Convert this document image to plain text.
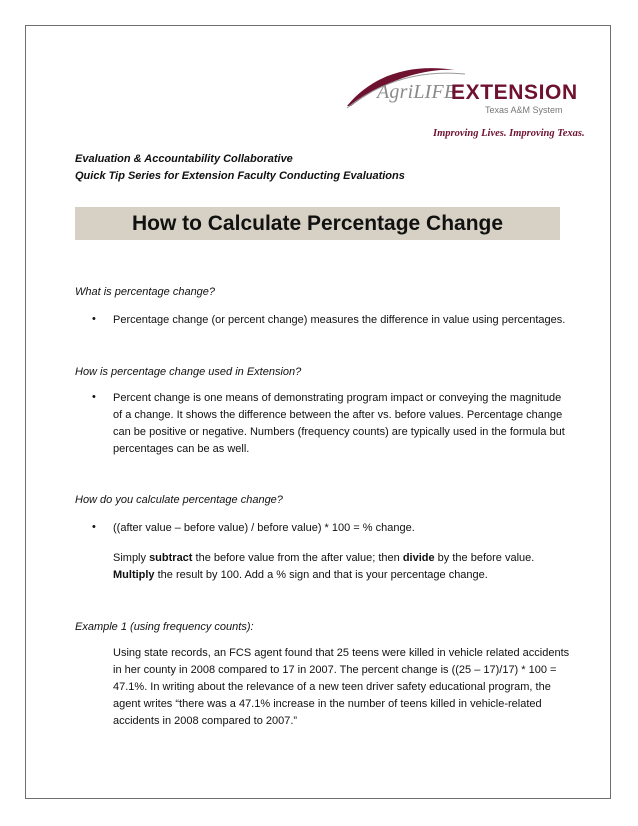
AgriLIFE
EXTENSION
Texas A&M System
Improving Lives. Improving Texas.
Evaluation & Accountability Collaborative
Quick Tip Series for Extension Faculty Conducting Evaluations
How to Calculate Percentage Change
What is percentage change?
• Percentage change (or percent change) measures the difference in value using percentages.

How is percentage change used in Extension?
• Percent change is one means of demonstrating program impact or conveying the magnitude of a change. It shows the difference between the after vs. before values. Percentage change can be positive or negative. Numbers (frequency counts) are typically used in the formula but percentages can be as well.

How do you calculate percentage change?
• ((after value – before value) / before value) * 100 = % change.

Simply subtract the before value from the after value; then divide by the before value.
Multiply the result by 100. Add a % sign and that is your percentage change.

Example 1 (using frequency counts):

Using state records, an FCS agent found that 25 teens were killed in vehicle related accidents in her county in 2008 compared to 17 in 2007. The percent change is ((25 – 17)/17) * 100 = 47.1%. In writing about the relevance of a new teen driver safety educational program, the agent writes “there was a 47.1% increase in the number of teens killed in vehicle-related accidents in 2008 compared to 2007.”
